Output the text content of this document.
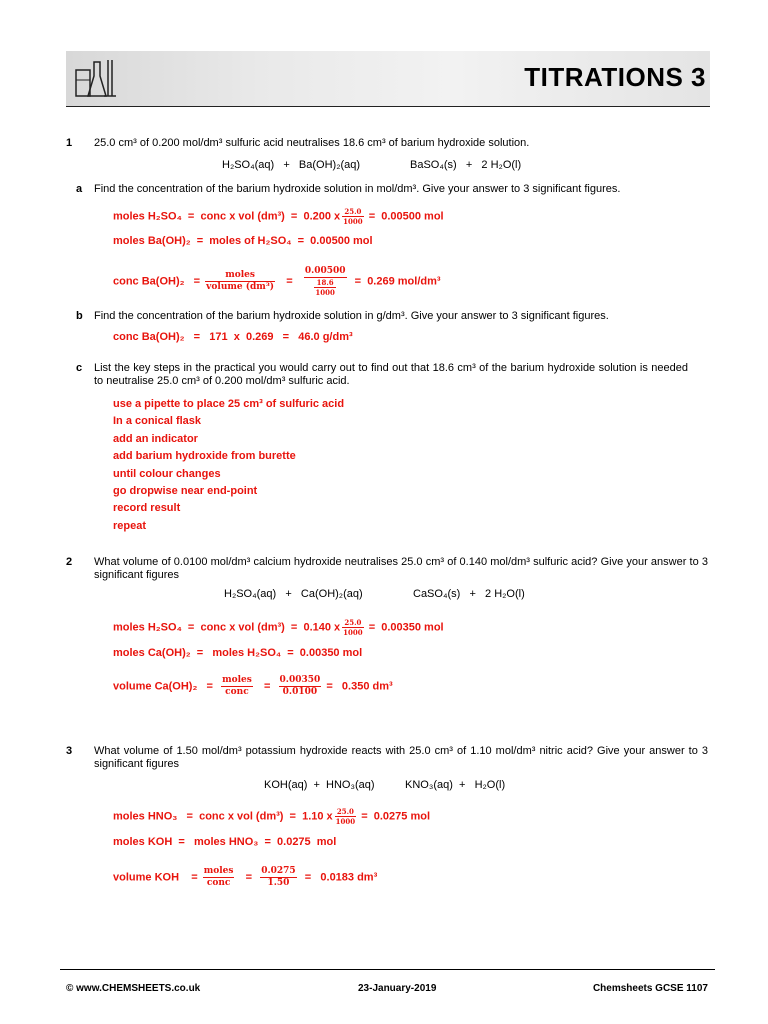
TITRATIONS 3
1 25.0 cm³ of 0.200 mol/dm³ sulfuric acid neutralises 18.6 cm³ of barium hydroxide solution.
H₂SO₄(aq)   +   Ba(OH)₂(aq)	BaSO₄(s)   +   2 H₂O(l)
a Find the concentration of the barium hydroxide solution in mol/dm³. Give your answer to 3 significant figures.
moles H₂SO₄  =  conc x vol (dm³)  =  0.200 x $\frac{25.0}{1000} = 0.00500$ mol
moles Ba(OH)₂  =  moles of H₂SO₄  =  0.00500 mol
conc $Ba(OH)_2 = \frac{\text{moles}}{\text{volume (dm³)}} = \frac{0.00500}{\frac{18.6}{1000}} = 0.269$ mol/dm³
b Find the concentration of the barium hydroxide solution in g/dm³. Give your answer to 3 significant figures.
conc Ba(OH)₂   =   171  x  0.269   =   46.0 g/dm³
c List the key steps in the practical you would carry out to find out that 18.6 cm³ of the barium hydroxide solution is needed to neutralise 25.0 cm³ of 0.200 mol/dm³ sulfuric acid.
use a pipette to place 25 cm³ of sulfuric acid
In a conical flask
add an indicator
add barium hydroxide from burette
until colour changes
go dropwise near end-point
record result
repeat
2 What volume of 0.0100 mol/dm³ calcium hydroxide neutralises 25.0 cm³ of 0.140 mol/dm³ sulfuric acid? Give your answer to 3 significant figures
H₂SO₄(aq)   +   Ca(OH)₂(aq)	CaSO₄(s)   +   2 H₂O(l)
moles H₂SO₄  =  conc x vol (dm³)  =  0.140 x $\frac{25.0}{1000} = 0.00350$ mol
moles Ca(OH)₂  =   moles H₂SO₄  =  0.00350 mol
volume $Ca(OH)_2 = \frac{\text{moles}}{\text{conc}} = \frac{0.00350}{0.0100} = 0.350$ dm³
3 What volume of 1.50 mol/dm³ potassium hydroxide reacts with 25.0 cm³ of 1.10 mol/dm³ nitric acid? Give your answer to 3 significant figures
KOH(aq)  +  HNO₃(aq)	KNO₃(aq)  +   H₂O(l)
moles HNO₃   =  conc x vol (dm³)  =  1.10 x $\frac{25.0}{1000} = 0.0275$ mol
moles KOH  =   moles HNO₃  =  0.0275  mol
volume KOH    = $\frac{\text{moles}}{\text{conc}} = \frac{0.0275}{1.50} = 0.0183$ dm³
© www.CHEMSHEETS.co.uk	23-January-2019	Chemsheets GCSE 1107
